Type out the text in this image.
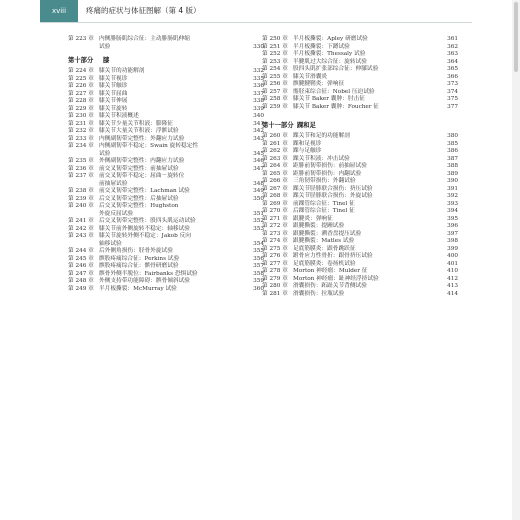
xviii	疼痛的症状与体征图解（第 4 版）
第 223 章 内侧腓肠肌综合征：主动腓肠肌伸缩
试验	330
第十部分 膝
第 224 章 膝关节的功能解剖	332
第 225 章 膝关节视诊	335
第 226 章 膝关节触诊	336
第 227 章 膝关节屈曲	337
第 228 章 膝关节伸展	338
第 229 章 膝关节旋转	339
第 230 章 膝关节积液概述	340
第 231 章 膝关节少量关节积液：膨隆征	341
第 232 章 膝关节大量关节积液：浮髌试验	342
第 233 章 内侧副韧带完整性：外翻应力试验	343
第 234 章 内侧副韧带不稳定：Swain 旋转稳定性
试验	345
第 235 章 外侧副韧带完整性：内翻应力试验	346
第 236 章 前交叉韧带完整性：前抽屉试验	347
第 237 章 前交叉韧带不稳定：屈曲－旋转位
前抽屉试验	348
第 238 章 前交叉韧带完整性：Lachman 试验	349
第 239 章 后交叉韧带完整性：后抽屉试验	350
第 240 章 后交叉韧带完整性：Hughston
外旋反屈试验	351
第 241 章 后交叉韧带完整性：股四头肌运动试验	352
第 242 章 膝关节前外侧旋转不稳定：轴移试验	353
第 243 章 膝关节旋转外侧不稳定：Jakob 反向
轴移试验	354
第 244 章 后外侧角损伤：胫骨外旋试验	355
第 245 章 髌股疼痛综合征：Perkins 试验	356
第 246 章 髌股疼痛综合征：髌骨研磨试验	357
第 247 章 髌骨外侧半脱位：Fairbanks 恐惧试验	358
第 248 章 外侧支持带功能障碍：髌骨倾斜试验	359
第 249 章 半月板撕裂：McMurray 试验	360
第 250 章 半月板撕裂：Apley 研磨试验	361
第 251 章 半月板撕裂：下蹲试验	362
第 252 章 半月板撕裂：Thessaly 试验	363
第 253 章 半腱肌过大综合征：旋转试验	364
第 254 章 股四头肌扩张部综合征：伸膝试验	365
第 255 章 膝关节滑囊炎	366
第 256 章 髌腱腱鞘炎：弹响征	373
第 257 章 髂胫束综合征：Nobel 压迫试验	374
第 258 章 膝关节 Baker 囊肿：肘击征	375
第 259 章 膝关节 Baker 囊肿：Foucher 征	377
第十一部分 踝和足
第 260 章 踝关节和足的功能解剖	380
第 261 章 踝和足视诊	385
第 262 章 踝与足触诊	386
第 263 章 踝关节积液：冲击试验	387
第 264 章 距腓前韧带损伤：前抽屉试验	388
第 265 章 距腓前韧带损伤：内翻试验	389
第 266 章 三角韧带损伤：外翻试验	390
第 267 章 踝关节胫腓联合损伤：挤压试验	391
第 268 章 踝关节胫腓联合损伤：外旋试验	392
第 269 章 前踝管综合征：Tinel 征	393
第 270 章 后踝管综合征：Tinel 征	394
第 271 章 跟腱炎：弹响征	395
第 272 章 跟腱撕裂：提踵试验	396
第 273 章 跟腱撕裂：溯香盘提压试验	397
第 274 章 跟腱撕裂：Matles 试验	398
第 275 章 足底筋膜炎：跟骨跳跃征	399
第 276 章 跗骨应力性骨折：跟骨挤压试验	400
第 277 章 足底筋膜炎：卷扬机试验	401
第 278 章 Morton 神经瘤：Mulder 征	410
第 279 章 Morton 神经瘤：趾神经浮挤试验	412
第 280 章 滑囊损伤：跖趾关节背侧试验	413
第 281 章 滑囊损伤：拉瓶试验	414
